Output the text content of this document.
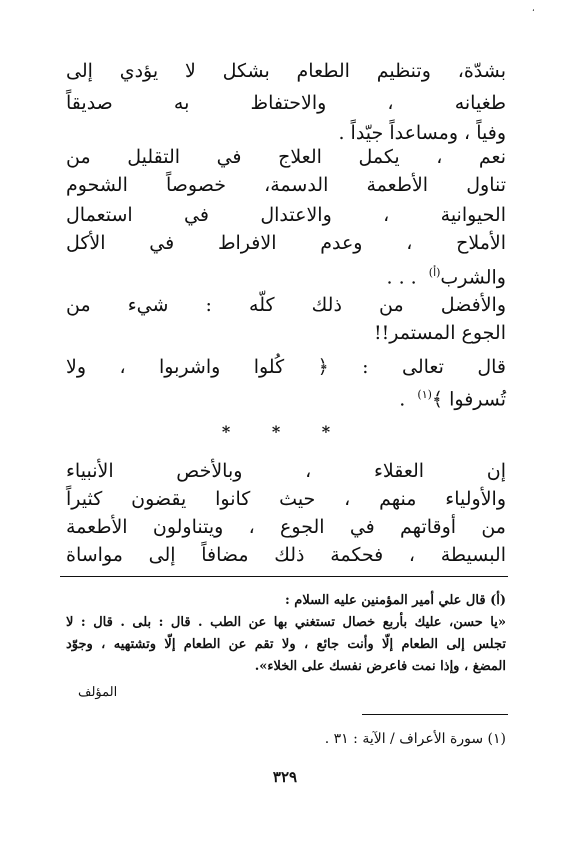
،
بشدّة، وتنظيم الطعام بشكل لا يؤدي إلى
طغيانه ، والاحتفاظ به صديقاً
وفياً ، ومساعداً جيّداً .
نعم ، يكمل العلاج في التقليل من
تناول الأطعمة الدسمة، خصوصاً الشحوم
الحيوانية ، والاعتدال في استعمال
الأملاح ، وعدم الافراط في الأكل
والشرب$^{(أ)}$  . . .
والأفضل من ذلك كلّه : شيء من
الجوع المستمر!!
قال تعالى : ﴿ كُلوا واشربوا ، ولا
تُسرفوا ﴾$^{(١)}$  .
* * *
إن العقلاء ، وبالأخص الأنبياء
والأولياء منهم ، حيث كانوا يقضون كثيراً
من أوقاتهم في الجوع ، ويتناولون الأطعمة
البسيطة ، فحكمة ذلك مضافاً إلى مواساة
(أ) قال علي أمير المؤمنين عليه السلام :
«يا حسن، عليك بأربع خصال تستغني بها عن الطب . قال : بلى . قال : لا
تجلس إلى الطعام إلّا وأنت جائع ، ولا تقم عن الطعام إلّا وتشتهيه ، وجوّد
المضغ ، وإذا نمت فاعرض نفسك على الخلاء».
المؤلف
(١) سورة الأعراف / الآية : ٣١ .
٣٢٩
